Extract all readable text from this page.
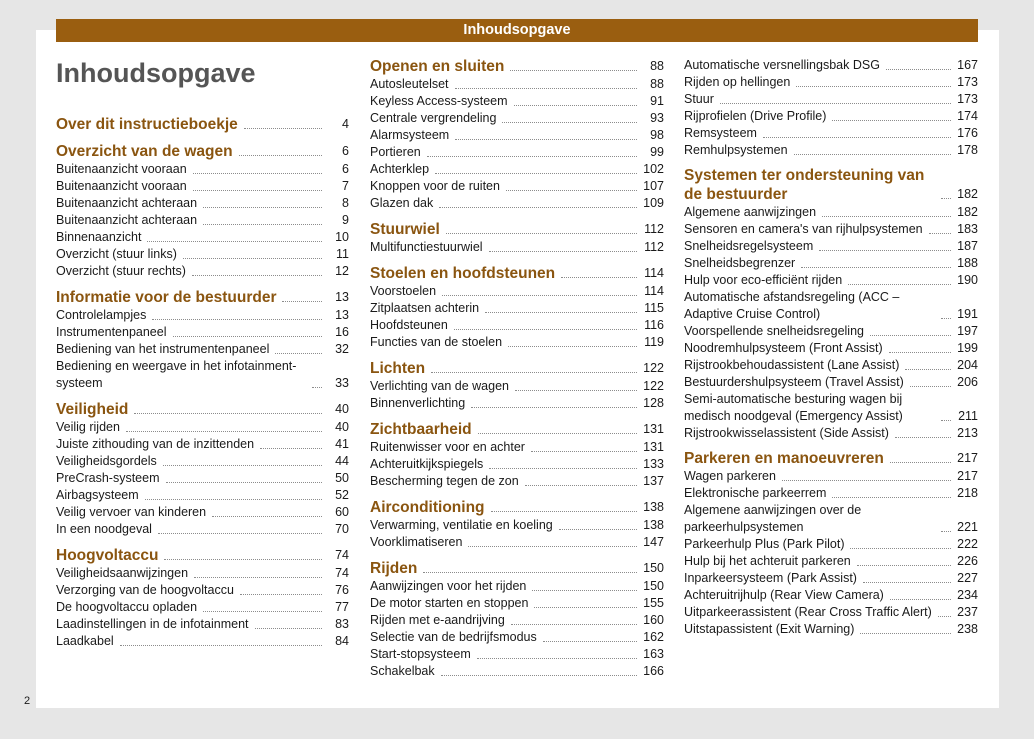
Inhoudsopgave
Inhoudsopgave
Over dit instructieboekje	4
Overzicht van de wagen	6
Buitenaanzicht vooraan	6
Buitenaanzicht vooraan	7
Buitenaanzicht achteraan	8
Buitenaanzicht achteraan	9
Binnenaanzicht	10
Overzicht (stuur links)	11
Overzicht (stuur rechts)	12
Informatie voor de bestuurder	13
Controlelampjes	13
Instrumentenpaneel	16
Bediening van het instrumentenpaneel	32
Bediening en weergave in het infotainment-systeem	33
Veiligheid	40
Veilig rijden	40
Juiste zithouding van de inzittenden	41
Veiligheidsgordels	44
PreCrash-systeem	50
Airbagsysteem	52
Veilig vervoer van kinderen	60
In een noodgeval	70
Hoogvoltaccu	74
Veiligheidsaanwijzingen	74
Verzorging van de hoogvoltaccu	76
De hoogvoltaccu opladen	77
Laadinstellingen in de infotainment	83
Laadkabel	84
Openen en sluiten	88
Autosleutelset	88
Keyless Access-systeem	91
Centrale vergrendeling	93
Alarmsysteem	98
Portieren	99
Achterklep	102
Knoppen voor de ruiten	107
Glazen dak	109
Stuurwiel	112
Multifunctiestuurwiel	112
Stoelen en hoofdsteunen	114
Voorstoelen	114
Zitplaatsen achterin	115
Hoofdsteunen	116
Functies van de stoelen	119
Lichten	122
Verlichting van de wagen	122
Binnenverlichting	128
Zichtbaarheid	131
Ruitenwisser voor en achter	131
Achteruitkijkspiegels	133
Bescherming tegen de zon	137
Airconditioning	138
Verwarming, ventilatie en koeling	138
Voorklimatiseren	147
Rijden	150
Aanwijzingen voor het rijden	150
De motor starten en stoppen	155
Rijden met e-aandrijving	160
Selectie van de bedrijfsmodus	162
Start-stopsysteem	163
Schakelbak	166
Automatische versnellingsbak DSG	167
Rijden op hellingen	173
Stuur	173
Rijprofielen (Drive Profile)	174
Remsysteem	176
Remhulpsystemen	178
Systemen ter ondersteuning van de bestuurder	182
Algemene aanwijzingen	182
Sensoren en camera's van rijhulpsystemen	183
Snelheidsregelsysteem	187
Snelheidsbegrenzer	188
Hulp voor eco-efficiënt rijden	190
Automatische afstandsregeling (ACC – Adaptive Cruise Control)	191
Voorspellende snelheidsregeling	197
Noodremhulpsysteem (Front Assist)	199
Rijstrookbehoudassistent (Lane Assist)	204
Bestuurdershulpsysteem (Travel Assist)	206
Semi-automatische besturing wagen bij medisch noodgeval (Emergency Assist)	211
Rijstrookwisselassistent (Side Assist)	213
Parkeren en manoeuvreren	217
Wagen parkeren	217
Elektronische parkeerrem	218
Algemene aanwijzingen over de parkeerhulpsystemen	221
Parkeerhulp Plus (Park Pilot)	222
Hulp bij het achteruit parkeren	226
Inparkeersysteem (Park Assist)	227
Achteruitrijhulp (Rear View Camera)	234
Uitparkeerassistent (Rear Cross Traffic Alert) 237
Uitstapassistent (Exit Warning)	238
2
